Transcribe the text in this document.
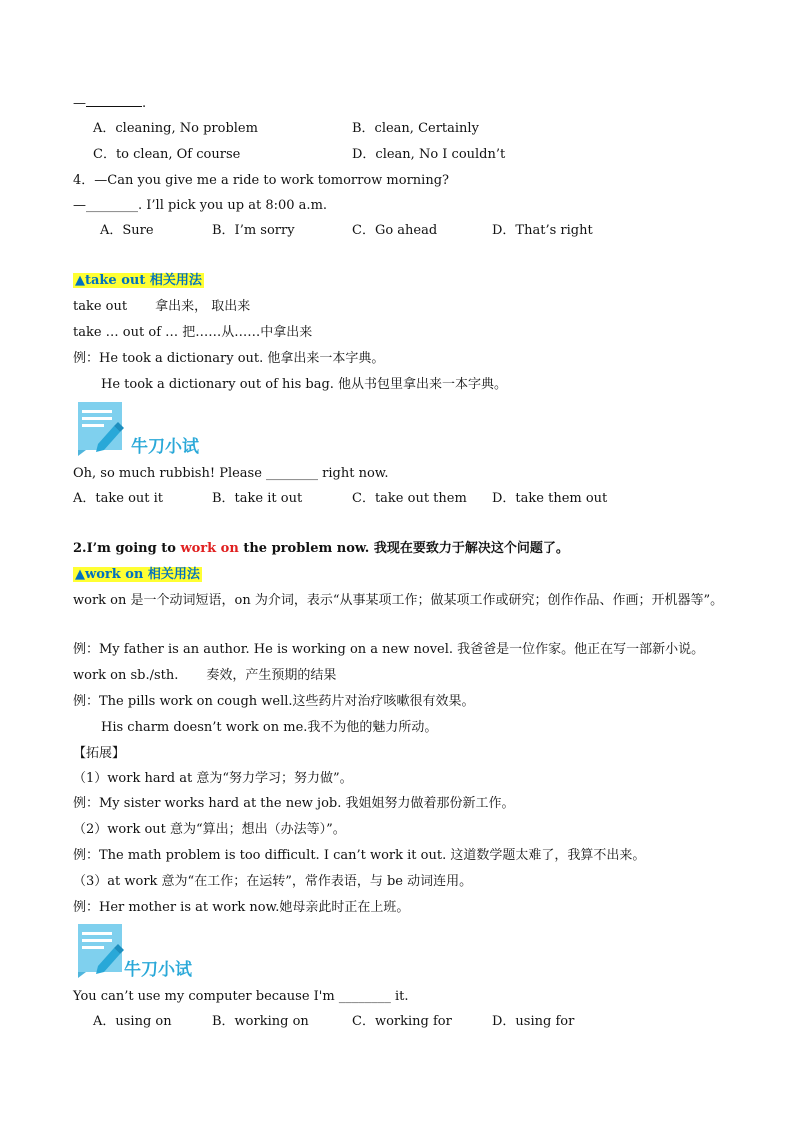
—	.
A．cleaning, No problem	B．clean, Certainly
C．to clean, Of course	D．clean, No I couldn’t
4．—Can you give me a ride to work tomorrow morning?
—________. I’ll pick you up at 8:00 a.m.
A．Sure	B．I’m sorry	C．Go ahead	D．That’s right
▲take out 相关用法
take out 拿出来， 取出来
take … out of … 把……从……中拿出来
例：He took a dictionary out. 他拿出来一本字典。
He took a dictionary out of his bag. 他从书包里拿出来一本字典。
牛刀小试
Oh, so much rubbish! Please ________ right now.
A．take out it	B．take it out	C．take out them D．take them out
2.I’m going to work on the problem now. 我现在要致力于解决这个问题了。
▲work on 相关用法
work on 是一个动词短语，on 为介词，表示“从事某项工作；做某项工作或研究；创作作品、作画；开机器等”。
例：My father is an author. He is working on a new novel. 我爸爸是一位作家。他正在写一部新小说。
work on sb./sth. 奏效，产生预期的结果
例：The pills work on cough well.这些药片对治疗咳嗽很有效果。
His charm doesn’t work on me.我不为他的魅力所动。
【拓展】
（1）work hard at 意为“努力学习；努力做”。
例：My sister works hard at the new job. 我姐姐努力做着那份新工作。
（2）work out 意为“算出；想出（办法等）”。
例：The math problem is too difficult. I can’t work it out. 这道数学题太难了，我算不出来。
（3）at work 意为“在工作；在运转”，常作表语，与 be 动词连用。
例：Her mother is at work now.她母亲此时正在上班。
牛刀小试
You can’t use my computer because I'm ________ it.
A．using on	B．working on	C．working for	D．using for
